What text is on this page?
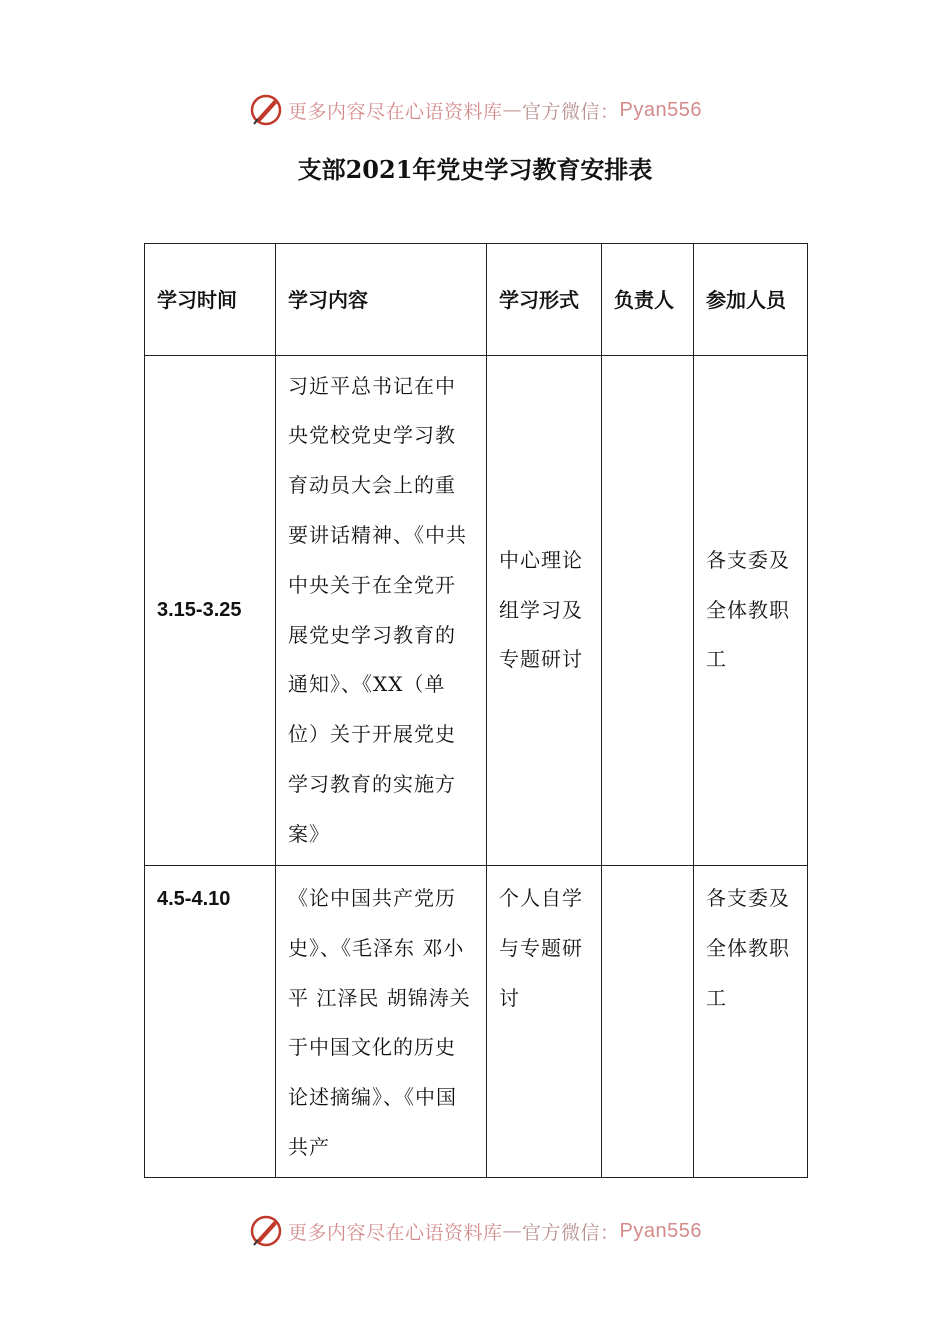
更多内容尽在心语资料库 — 官方微信： Pyan556
支部2021年党史学习教育安排表
学习时间	学习内容	学习形式	负责人	参加人员
3.15-3.25	习近平总书记在中央党校党史学习教育动员大会上的重要讲话精神、《中共中央关于在全党开展党史学习教育的通知》、《XX（单位）关于开展党史学习教育的实施方案》	中心理论组学习及专题研讨		各支委及全体教职工
4.5-4.10	《论中国共产党历史》、《毛泽东 邓小平 江泽民 胡锦涛关于中国文化的历史论述摘编》、《中国共产	个人自学与专题研讨		各支委及全体教职工
更多内容尽在心语资料库 — 官方微信： Pyan556
